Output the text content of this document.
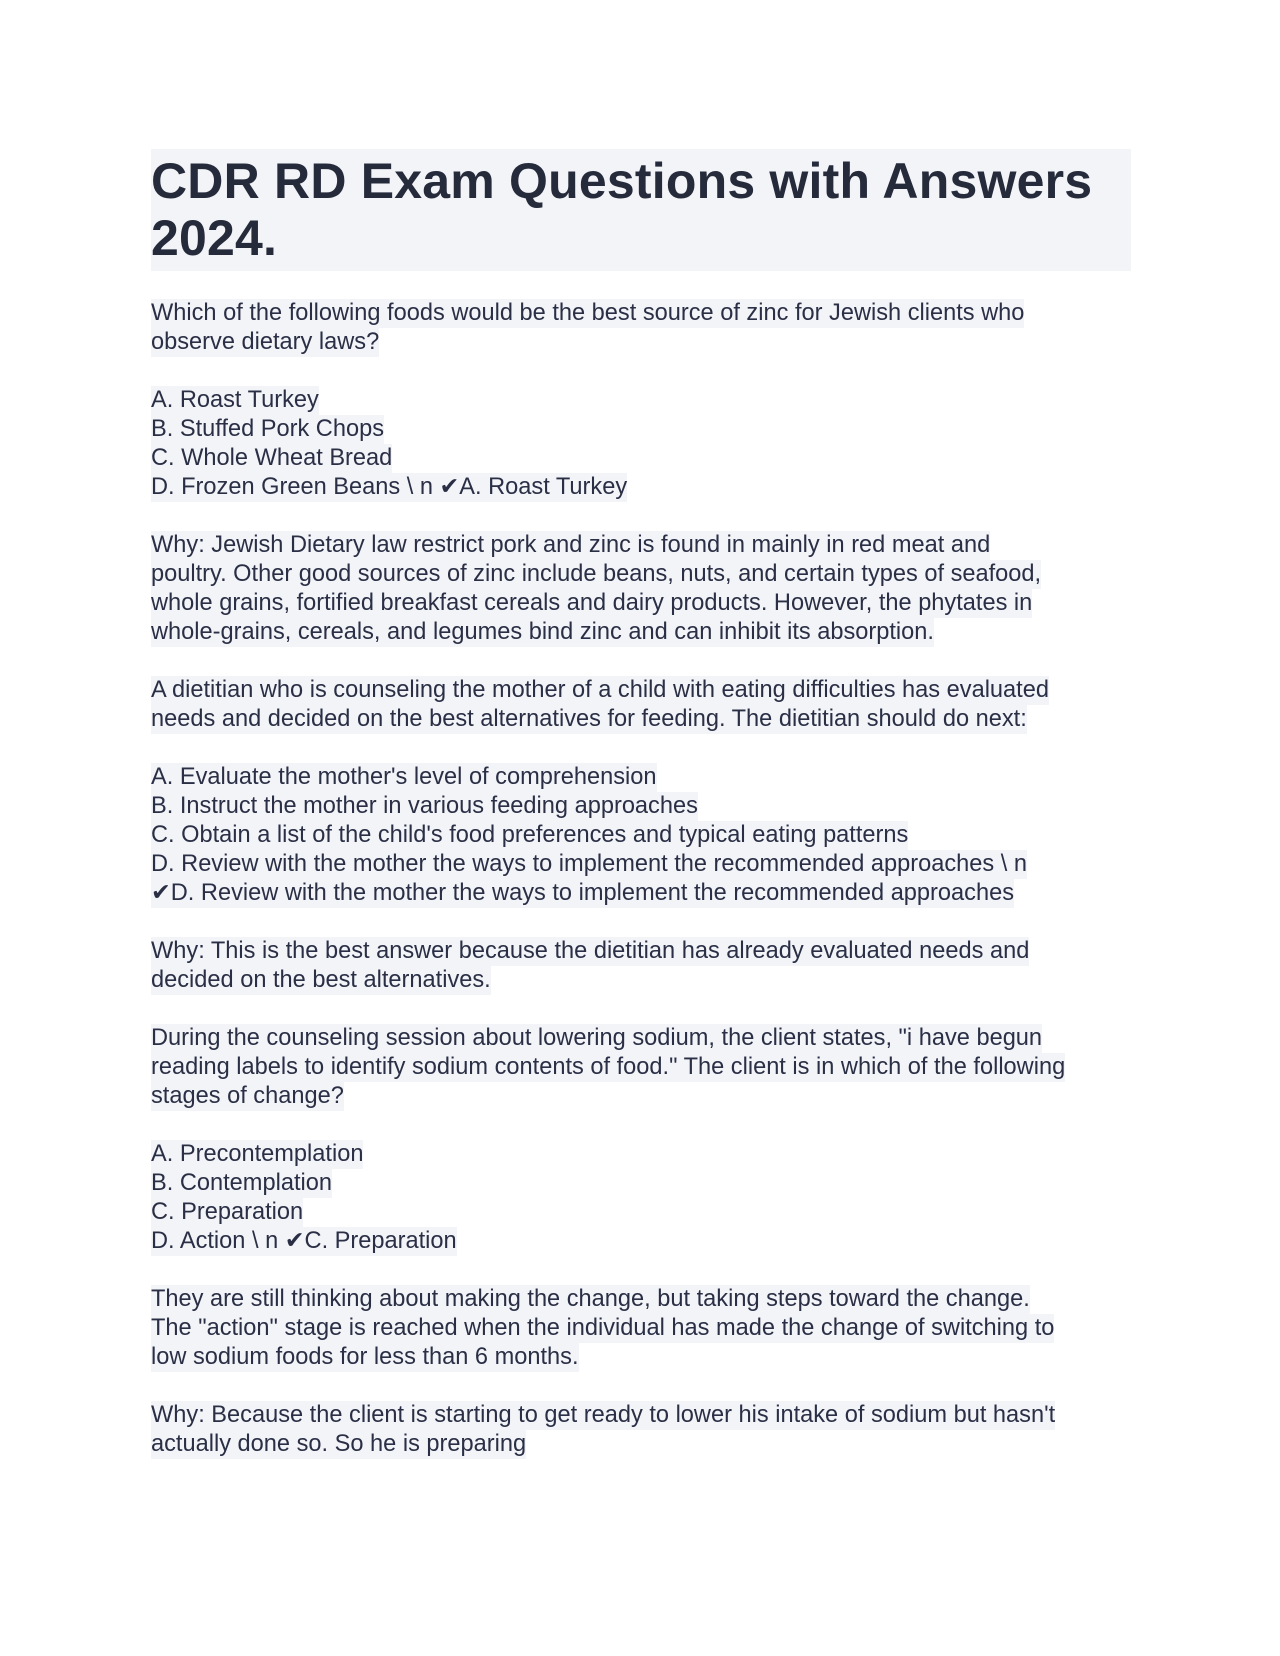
CDR RD Exam Questions with Answers
2024.
Which of the following foods would be the best source of zinc for Jewish clients who
observe dietary laws?
A. Roast Turkey
B. Stuffed Pork Chops
C. Whole Wheat Bread
D. Frozen Green Beans \ n ✔A. Roast Turkey
Why: Jewish Dietary law restrict pork and zinc is found in mainly in red meat and
poultry. Other good sources of zinc include beans, nuts, and certain types of seafood,
whole grains, fortified breakfast cereals and dairy products. However, the phytates in
whole-grains, cereals, and legumes bind zinc and can inhibit its absorption.
A dietitian who is counseling the mother of a child with eating difficulties has evaluated
needs and decided on the best alternatives for feeding. The dietitian should do next:
A. Evaluate the mother's level of comprehension
B. Instruct the mother in various feeding approaches
C. Obtain a list of the child's food preferences and typical eating patterns
D. Review with the mother the ways to implement the recommended approaches \ n
✔D. Review with the mother the ways to implement the recommended approaches
Why: This is the best answer because the dietitian has already evaluated needs and
decided on the best alternatives.
During the counseling session about lowering sodium, the client states, "i have begun
reading labels to identify sodium contents of food." The client is in which of the following
stages of change?
A. Precontemplation
B. Contemplation
C. Preparation
D. Action \ n ✔C. Preparation
They are still thinking about making the change, but taking steps toward the change.
The "action" stage is reached when the individual has made the change of switching to
low sodium foods for less than 6 months.
Why: Because the client is starting to get ready to lower his intake of sodium but hasn't
actually done so. So he is preparing
